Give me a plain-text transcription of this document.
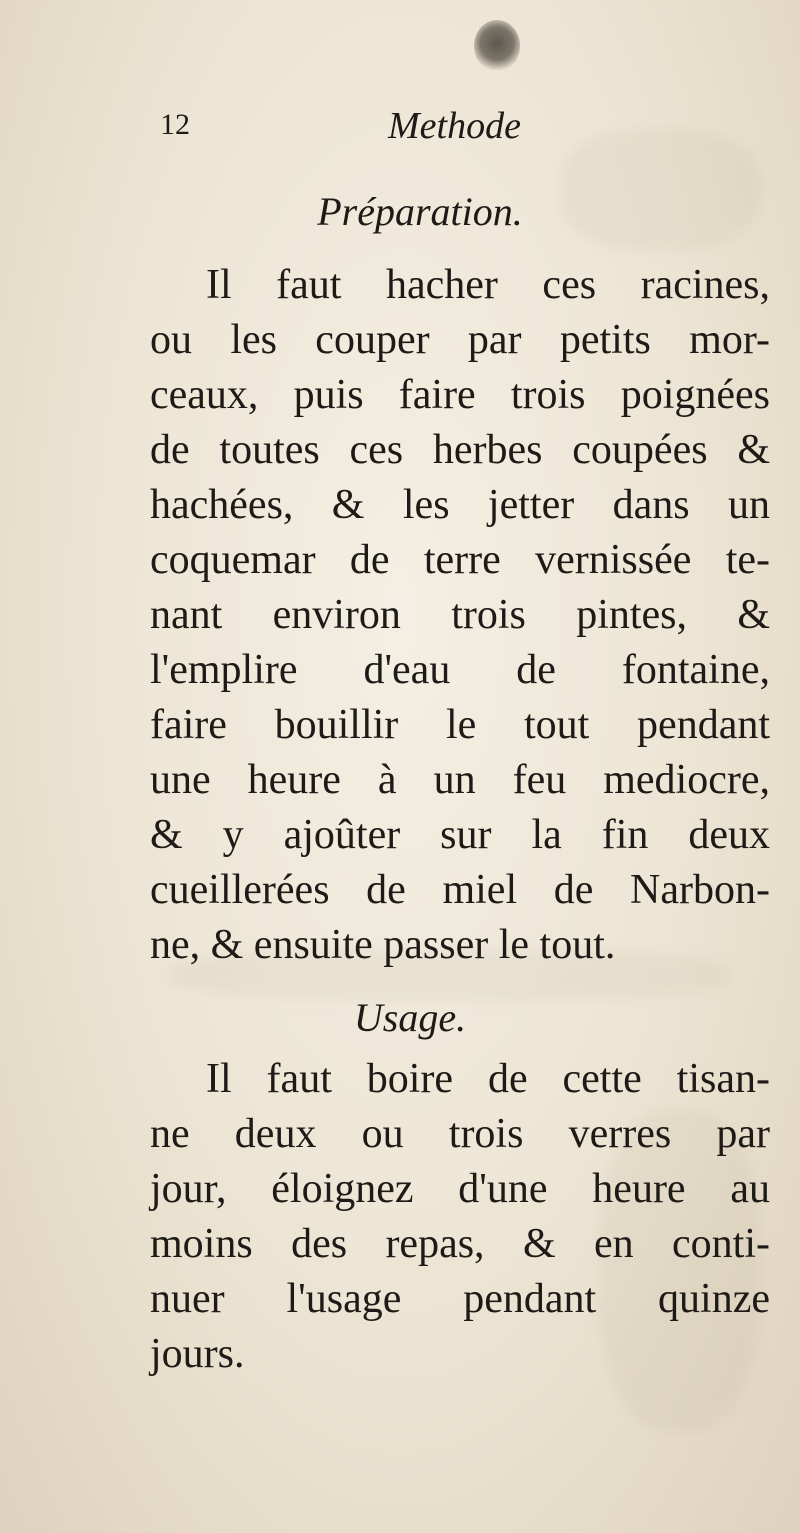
12	Methode
Préparation.
Il faut hacher ces racines,
ou les couper par petits mor-
ceaux, puis faire trois poignées
de toutes ces herbes coupées &
hachées, & les jetter dans un
coquemar de terre vernissée te-
nant environ trois pintes, &
l'emplire d'eau de fontaine,
faire bouillir le tout pendant
une heure à un feu mediocre,
& y ajoûter sur la fin deux
cueillerées de miel de Narbon-
ne, & ensuite passer le tout.
Usage.
Il faut boire de cette tisan-
ne deux ou trois verres par
jour, éloignez d'une heure au
moins des repas, & en conti-
nuer l'usage pendant quinze
jours.
